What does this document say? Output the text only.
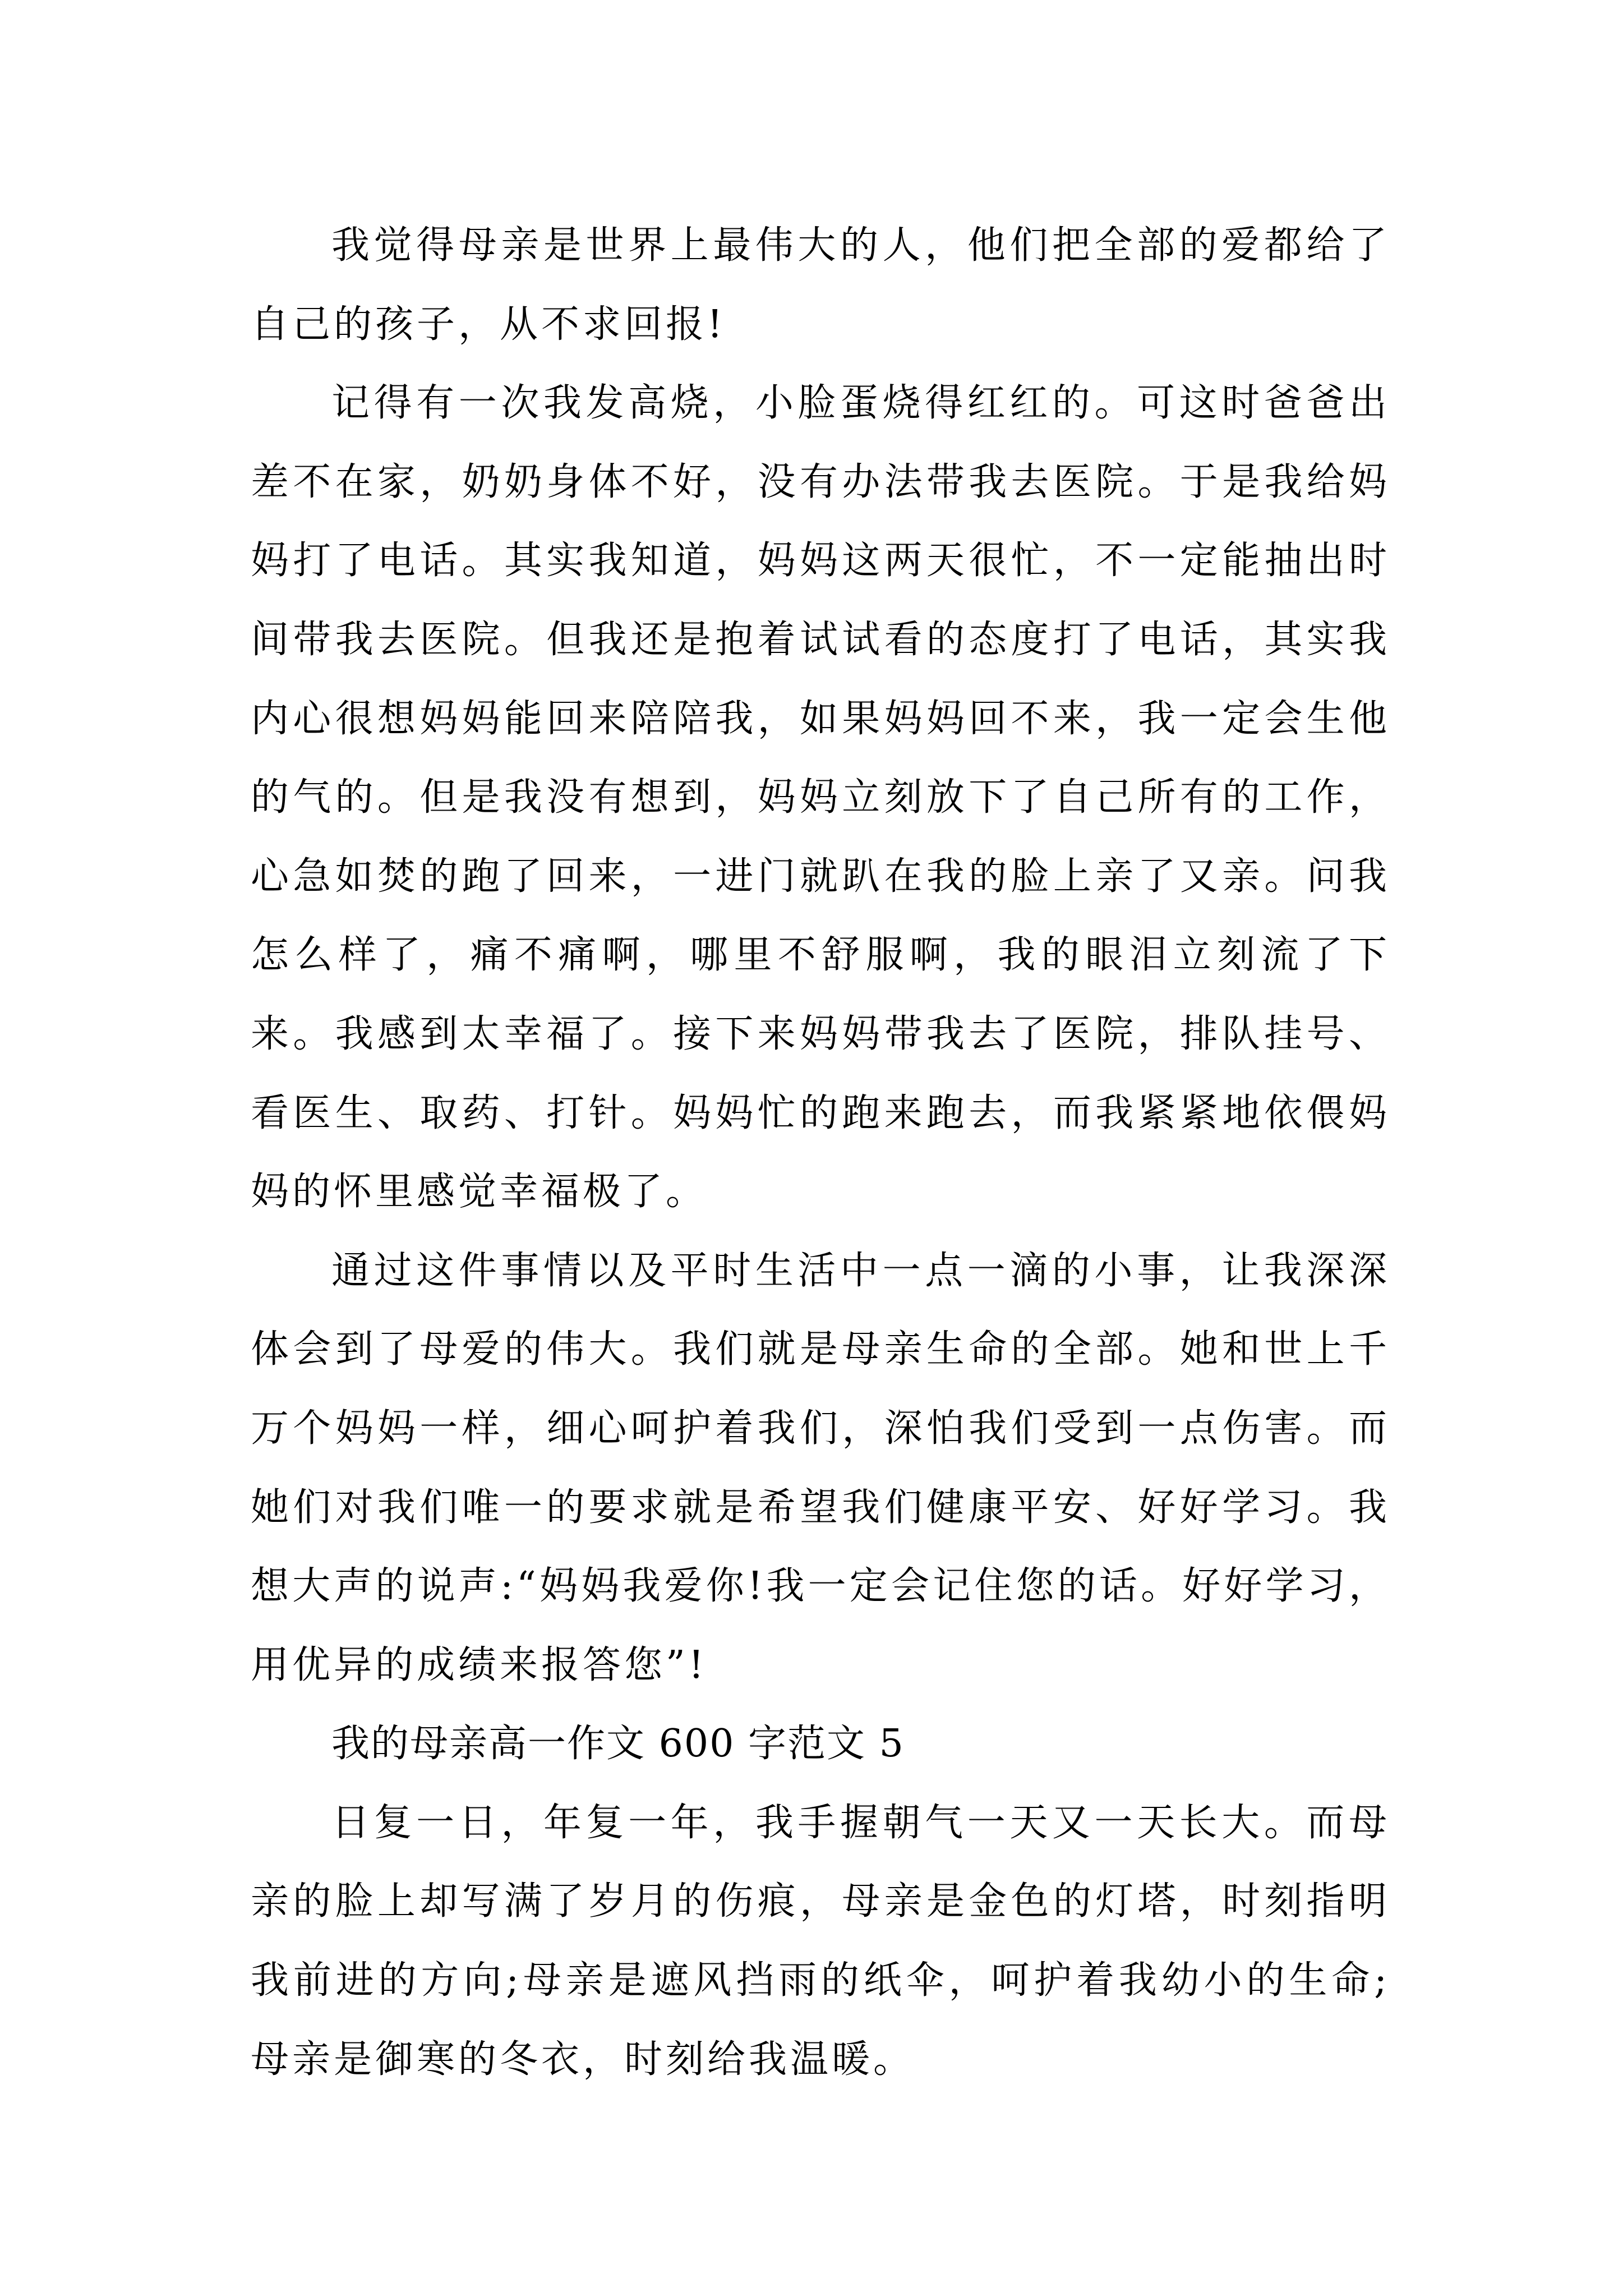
我觉得母亲是世界上最伟大的人，他们把全部的爱都给了自己的孩子，从不求回报!

记得有一次我发高烧，小脸蛋烧得红红的。可这时爸爸出差不在家，奶奶身体不好，没有办法带我去医院。于是我给妈妈打了电话。其实我知道，妈妈这两天很忙，不一定能抽出时间带我去医院。但我还是抱着试试看的态度打了电话，其实我内心很想妈妈能回来陪陪我，如果妈妈回不来，我一定会生他的气的。但是我没有想到，妈妈立刻放下了自己所有的工作，心急如焚的跑了回来，一进门就趴在我的脸上亲了又亲。问我怎么样了，痛不痛啊，哪里不舒服啊，我的眼泪立刻流了下来。我感到太幸福了。接下来妈妈带我去了医院，排队挂号、看医生、取药、打针。妈妈忙的跑来跑去，而我紧紧地依偎妈妈的怀里感觉幸福极了。

通过这件事情以及平时生活中一点一滴的小事，让我深深体会到了母爱的伟大。我们就是母亲生命的全部。她和世上千万个妈妈一样，细心呵护着我们，深怕我们受到一点伤害。而她们对我们唯一的要求就是希望我们健康平安、好好学习。我想大声的说声:“妈妈我爱你!我一定会记住您的话。好好学习，用优异的成绩来报答您”!

我的母亲高一作文 600 字范文 5

日复一日，年复一年，我手握朝气一天又一天长大。而母亲的脸上却写满了岁月的伤痕，母亲是金色的灯塔，时刻指明我前进的方向;母亲是遮风挡雨的纸伞，呵护着我幼小的生命;母亲是御寒的冬衣，时刻给我温暖。
